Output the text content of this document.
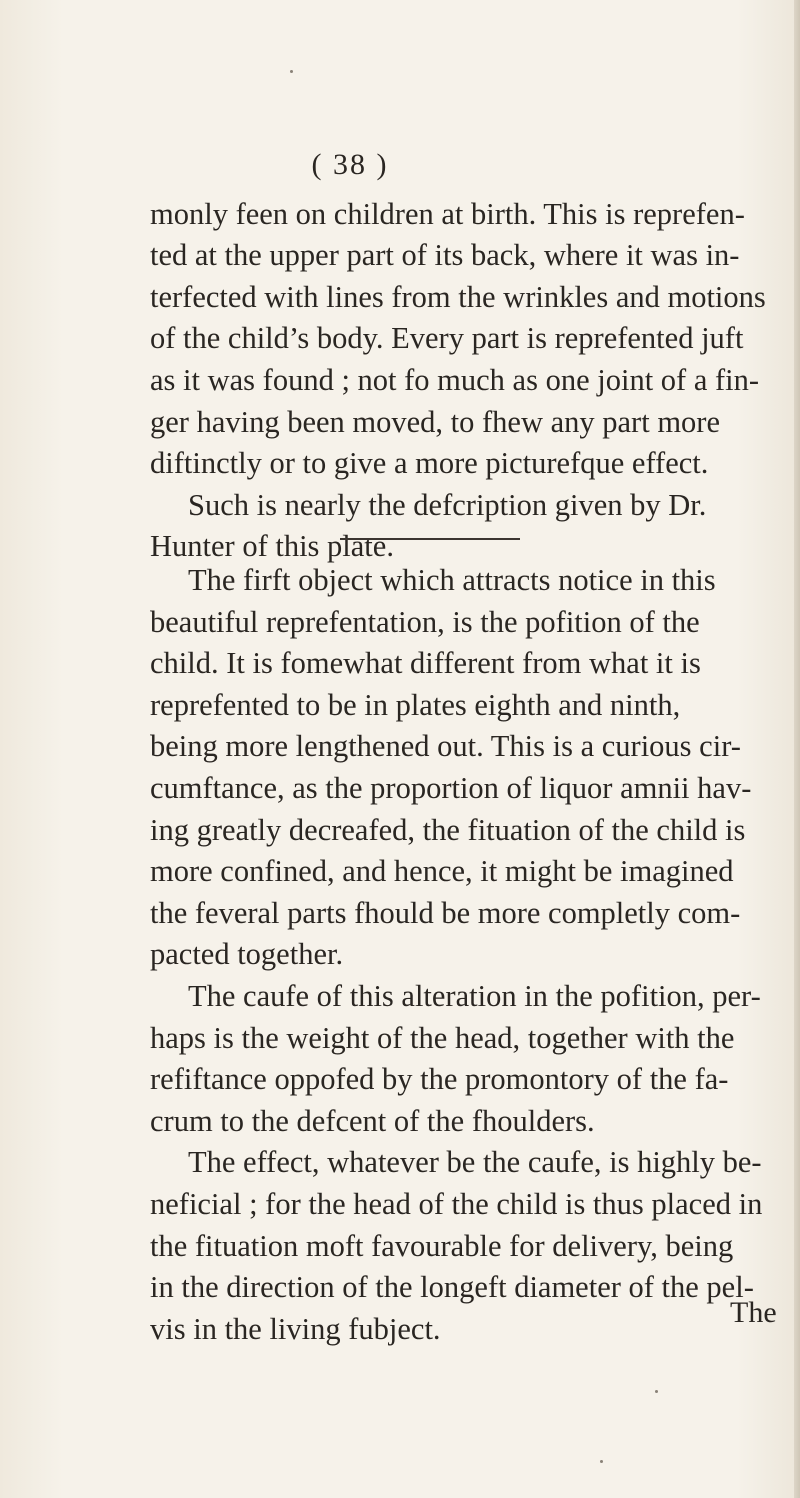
( 38 )
monly feen on children at birth. This is reprefen-
ted at the upper part of its back, where it was in-
terfected with lines from the wrinkles and motions
of the child’s body. Every part is reprefented juft
as it was found ; not fo much as one joint of a fin-
ger having been moved, to fhew any part more
diftinctly or to give a more picturefque effect.
Such is nearly the defcription given by Dr.
Hunter of this plate.
The firft object which attracts notice in this
beautiful reprefentation, is the pofition of the
child. It is fomewhat different from what it is
reprefented to be in plates eighth and ninth,
being more lengthened out. This is a curious cir-
cumftance, as the proportion of liquor amnii hav-
ing greatly decreafed, the fituation of the child is
more confined, and hence, it might be imagined
the feveral parts fhould be more completly com-
pacted together.
The caufe of this alteration in the pofition, per-
haps is the weight of the head, together with the
refiftance oppofed by the promontory of the fa-
crum to the defcent of the fhoulders.
The effect, whatever be the caufe, is highly be-
neficial ; for the head of the child is thus placed in
the fituation moft favourable for delivery, being
in the direction of the longeft diameter of the pel-
vis in the living fubject.	The
